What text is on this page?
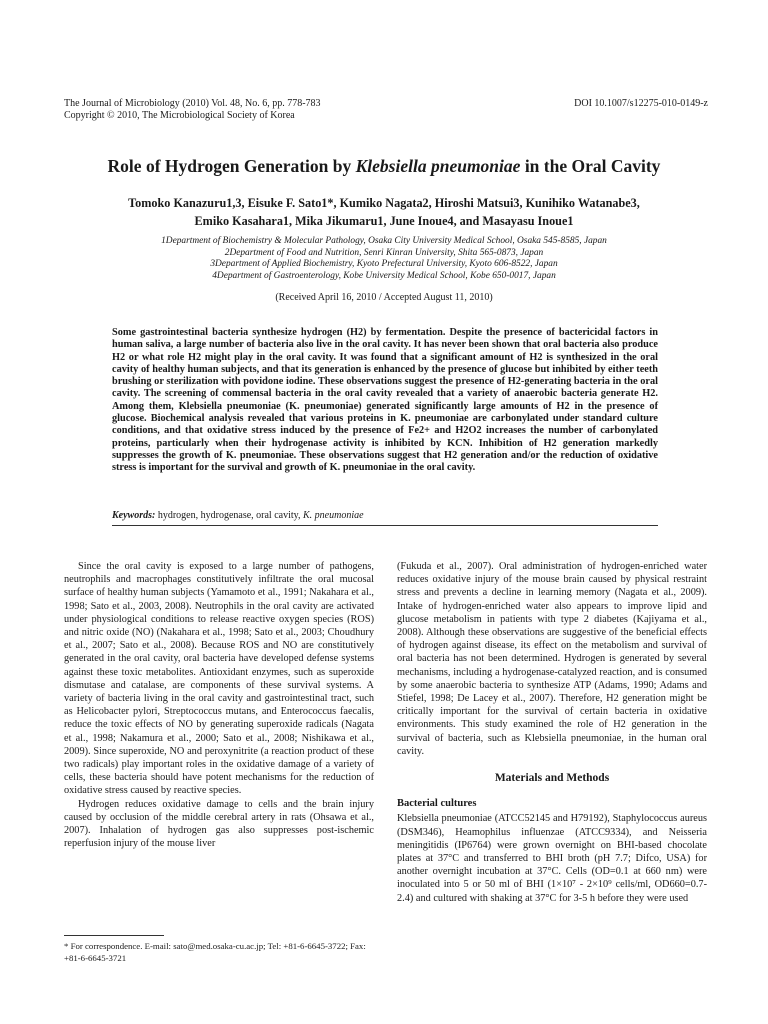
The Journal of Microbiology (2010) Vol. 48, No. 6, pp. 778-783
Copyright © 2010, The Microbiological Society of Korea
DOI 10.1007/s12275-010-0149-z
Role of Hydrogen Generation by Klebsiella pneumoniae in the Oral Cavity
Tomoko Kanazuru1,3, Eisuke F. Sato1*, Kumiko Nagata2, Hiroshi Matsui3, Kunihiko Watanabe3,
Emiko Kasahara1, Mika Jikumaru1, June Inoue4, and Masayasu Inoue1
1Department of Biochemistry & Molecular Pathology, Osaka City University Medical School, Osaka 545-8585, Japan
2Department of Food and Nutrition, Senri Kinran University, Shita 565-0873, Japan
3Department of Applied Biochemistry, Kyoto Prefectural University, Kyoto 606-8522, Japan
4Department of Gastroenterology, Kobe University Medical School, Kobe 650-0017, Japan
(Received April 16, 2010 / Accepted August 11, 2010)

Some gastrointestinal bacteria synthesize hydrogen (H2) by fermentation. Despite the presence of bactericidal factors in human saliva, a large number of bacteria also live in the oral cavity. It has never been shown that oral bacteria also produce H2 or what role H2 might play in the oral cavity. It was found that a significant amount of H2 is synthesized in the oral cavity of healthy human subjects, and that its generation is enhanced by the presence of glucose but inhibited by either teeth brushing or sterilization with povidone iodine. These observations suggest the presence of H2-generating bacteria in the oral cavity. The screening of commensal bacteria in the oral cavity revealed that a variety of anaerobic bacteria generate H2. Among them, Klebsiella pneumoniae (K. pneumoniae) generated significantly large amounts of H2 in the presence of glucose. Biochemical analysis revealed that various proteins in K. pneumoniae are carbonylated under standard culture conditions, and that oxidative stress induced by the presence of Fe2+ and H2O2 increases the number of carbonylated proteins, particularly when their hydrogenase activity is inhibited by KCN. Inhibition of H2 generation markedly suppresses the growth of K. pneumoniae. These observations suggest that H2 generation and/or the reduction of oxidative stress is important for the survival and growth of K. pneumoniae in the oral cavity.

Keywords: hydrogen, hydrogenase, oral cavity, K. pneumoniae

Since the oral cavity is exposed to a large number of pathogens, neutrophils and macrophages constitutively infiltrate the oral mucosal surface of healthy human subjects (Yamamoto et al., 1991; Nakahara et al., 1998; Sato et al., 2003, 2008). Neutrophils in the oral cavity are activated under physiological conditions to release reactive oxygen species (ROS) and nitric oxide (NO) (Nakahara et al., 1998; Sato et al., 2003; Choudhury et al., 2007; Sato et al., 2008). Because ROS and NO are constitutively generated in the oral cavity, oral bacteria have developed defense systems against these toxic metabolites. Antioxidant enzymes, such as superoxide dismutase and catalase, are components of these survival systems. A variety of bacteria living in the oral cavity and gastrointestinal tract, such as Helicobacter pylori, Streptococcus mutans, and Enterococcus faecalis, reduce the toxic effects of NO by generating superoxide radicals (Nagata et al., 1998; Nakamura et al., 2000; Sato et al., 2008; Nishikawa et al., 2009). Since superoxide, NO and peroxynitrite (a reaction product of these two radicals) play important roles in the oxidative damage of a variety of cells, these bacteria should have potent mechanisms for the reduction of oxidative stress caused by reactive species.

Hydrogen reduces oxidative damage to cells and the brain injury caused by occlusion of the middle cerebral artery in rats (Ohsawa et al., 2007). Inhalation of hydrogen gas also suppresses post-ischemic reperfusion injury of the mouse liver

(Fukuda et al., 2007). Oral administration of hydrogen-enriched water reduces oxidative injury of the mouse brain caused by physical restraint stress and prevents a decline in learning memory (Nagata et al., 2009). Intake of hydrogen-enriched water also appears to improve lipid and glucose metabolism in patients with type 2 diabetes (Kajiyama et al., 2008). Although these observations are suggestive of the beneficial effects of hydrogen against disease, its effect on the metabolism and survival of oral bacteria has not been determined. Hydrogen is generated by several mechanisms, including a hydrogenase-catalyzed reaction, and is consumed by some anaerobic bacteria to synthesize ATP (Adams, 1990; Adams and Stiefel, 1998; De Lacey et al., 2007). Therefore, H2 generation might be critically important for the survival of certain bacteria in oxidative environments. This study examined the role of H2 generation in the survival of bacteria, such as Klebsiella pneumoniae, in the human oral cavity.

Materials and Methods
Bacterial cultures

Klebsiella pneumoniae (ATCC52145 and H79192), Staphylococcus aureus (DSM346), Heamophilus influenzae (ATCC9334), and Neisseria meningitidis (IP6764) were grown overnight on BHI-based chocolate plates at 37°C and transferred to BHI broth (pH 7.7; Difco, USA) for another overnight incubation at 37°C. Cells (OD=0.1 at 660 nm) were inoculated into 5 or 50 ml of BHI (1×10⁷ - 2×10⁹ cells/ml, OD660=0.7-2.4) and cultured with shaking at 37°C for 3-5 h before they were used

* For correspondence. E-mail: sato@med.osaka-cu.ac.jp; Tel: +81-6-6645-3722; Fax: +81-6-6645-3721
